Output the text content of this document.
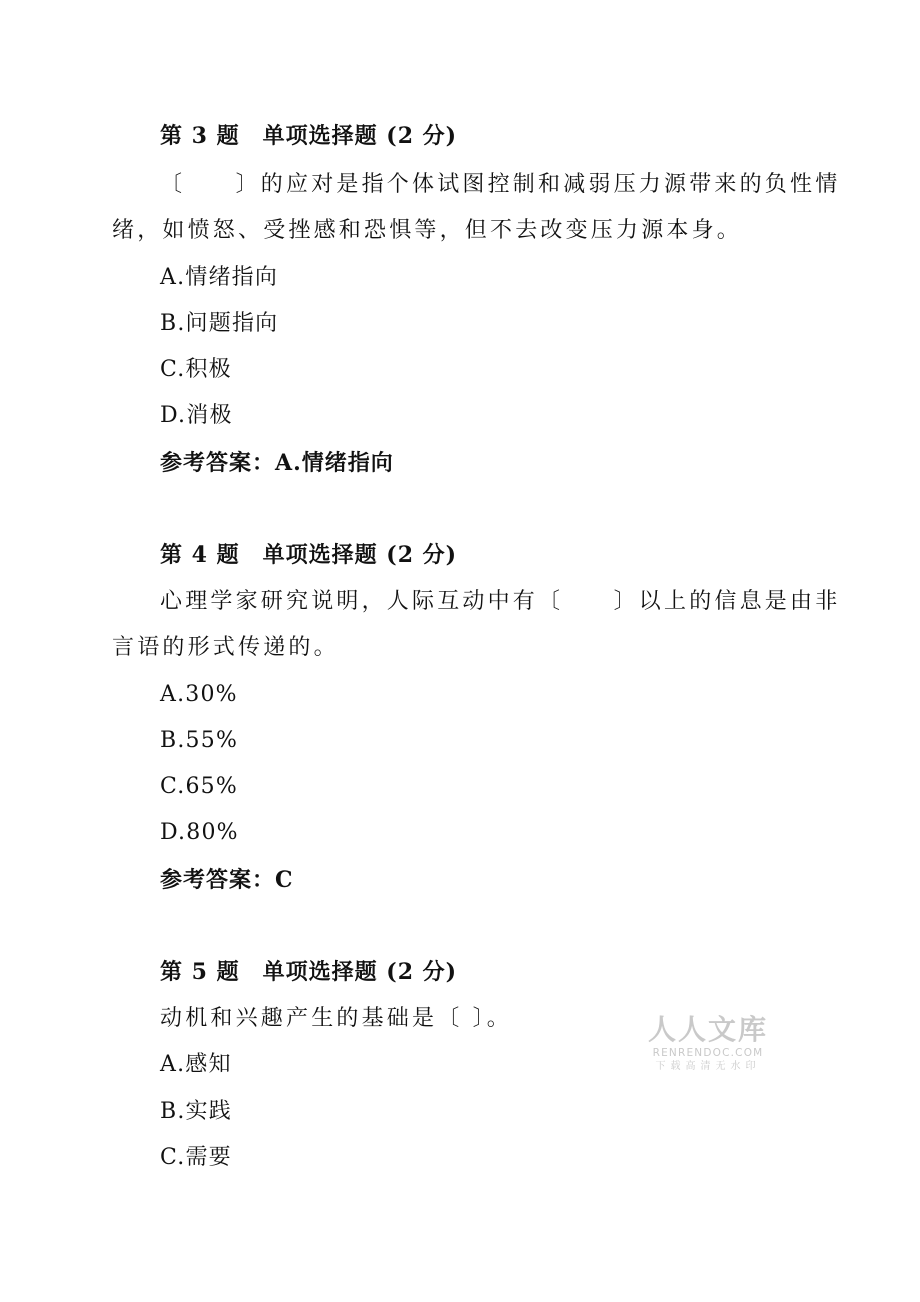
第 3 题　单项选择题 (2 分)
〔　　〕的应对是指个体试图控制和减弱压力源带来的负性情
绪，如愤怒、受挫感和恐惧等，但不去改变压力源本身。
A.情绪指向
B.问题指向
C.积极
D.消极
参考答案：A.情绪指向
第 4 题　单项选择题 (2 分)
心理学家研究说明，人际互动中有〔　　〕以上的信息是由非
言语的形式传递的。
A.30%
B.55%
C.65%
D.80%
参考答案：C
第 5 题　单项选择题 (2 分)
动机和兴趣产生的基础是〔 〕。
A.感知
B.实践
C.需要
人人文库
RENRENDOC.COM
下载高清无水印
